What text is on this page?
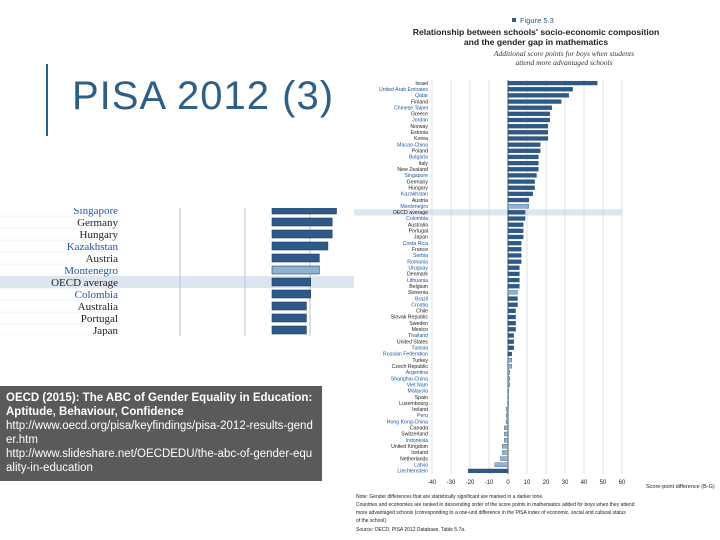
PISA 2012 (3)
Singapore
Germany
Hungary
Kazakhstan
Austria
Montenegro
OECD average
Colombia
Australia
Portugal
Japan
OECD (2015): The ABC of Gender Equality in Education: Aptitude, Behaviour, Confidence
http://www.oecd.org/pisa/keyfindings/pisa-2012-results-gender.htm
http://www.slideshare.net/OECDEDU/the-abc-of-gender-equality-in-education
Figure 5.3
Relationship between schools' socio-economic composition
and the gender gap in mathematics
Additional score points for boys when students
attend more advantaged schools
-40 -30 -20 -10 0 10 20 30 40 50 60
Israel
United Arab Emirates
Qatar
Finland
Chinese Taipei
Greece
Jordan
Norway
Estonia
Korea
Macao-China
Poland
Bulgaria
Italy
New Zealand
Singapore
Germany
Hungary
Kazakhstan
Austria
Montenegro
OECD average
Colombia
Australia
Portugal
Japan
Costa Rica
France
Serbia
Romania
Uruguay
Denmark
Lithuania
Belgium
Slovenia
Brazil
Croatia
Chile
Slovak Republic
Sweden
Mexico
Thailand
United States
Tunisia
Russian Federation
Turkey
Czech Republic
Argentina
Shanghai-China
Viet Nam
Malaysia
Spain
Luxembourg
Ireland
Peru
Hong Kong-China
Canada
Switzerland
Indonesia
United Kingdom
Iceland
Netherlands
Latvia
Liechtenstein
Score-point difference (B-G)
Note: Gender differences that are statistically significant are marked in a darker tone.
Countries and economies are ranked in descending order of the score points in mathematics added for boys when they attend
more advantaged schools (corresponding to a one-unit difference in the PISA index of economic, social and cultural status
of the school).
Source: OECD, PISA 2012 Database, Table 5.7a.
